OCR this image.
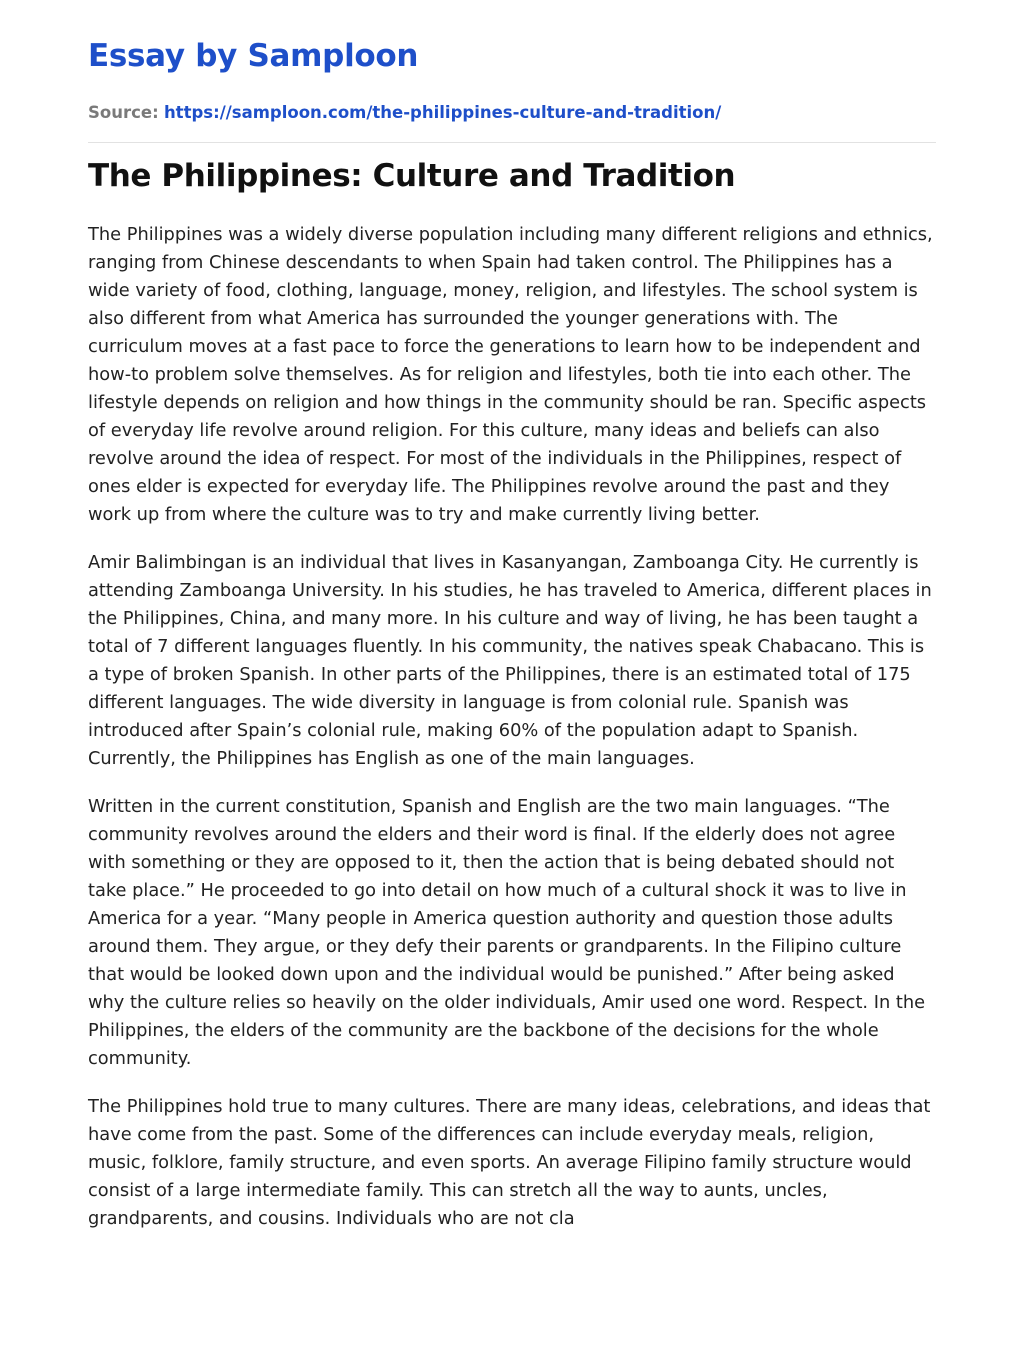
Essay by Samploon
Source: https://samploon.com/the-philippines-culture-and-tradition/
The Philippines: Culture and Tradition

The Philippines was a widely diverse population including many different religions and ethnics, ranging from Chinese descendants to when Spain had taken control. The Philippines has a wide variety of food, clothing, language, money, religion, and lifestyles. The school system is also different from what America has surrounded the younger generations with. The curriculum moves at a fast pace to force the generations to learn how to be independent and how-to problem solve themselves. As for religion and lifestyles, both tie into each other. The lifestyle depends on religion and how things in the community should be ran. Specific aspects of everyday life revolve around religion. For this culture, many ideas and beliefs can also revolve around the idea of respect. For most of the individuals in the Philippines, respect of ones elder is expected for everyday life. The Philippines revolve around the past and they work up from where the culture was to try and make currently living better.

Amir Balimbingan is an individual that lives in Kasanyangan, Zamboanga City. He currently is attending Zamboanga University. In his studies, he has traveled to America, different places in the Philippines, China, and many more. In his culture and way of living, he has been taught a total of 7 different languages fluently. In his community, the natives speak Chabacano. This is a type of broken Spanish. In other parts of the Philippines, there is an estimated total of 175 different languages. The wide diversity in language is from colonial rule. Spanish was introduced after Spain’s colonial rule, making 60% of the population adapt to Spanish. Currently, the Philippines has English as one of the main languages.

Written in the current constitution, Spanish and English are the two main languages. “The community revolves around the elders and their word is final. If the elderly does not agree with something or they are opposed to it, then the action that is being debated should not take place.” He proceeded to go into detail on how much of a cultural shock it was to live in America for a year. “Many people in America question authority and question those adults around them. They argue, or they defy their parents or grandparents. In the Filipino culture that would be looked down upon and the individual would be punished.” After being asked why the culture relies so heavily on the older individuals, Amir used one word. Respect. In the Philippines, the elders of the community are the backbone of the decisions for the whole community.

The Philippines hold true to many cultures. There are many ideas, celebrations, and ideas that have come from the past. Some of the differences can include everyday meals, religion, music, folklore, family structure, and even sports. An average Filipino family structure would consist of a large intermediate family. This can stretch all the way to aunts, uncles, grandparents, and cousins. Individuals who are not cla
